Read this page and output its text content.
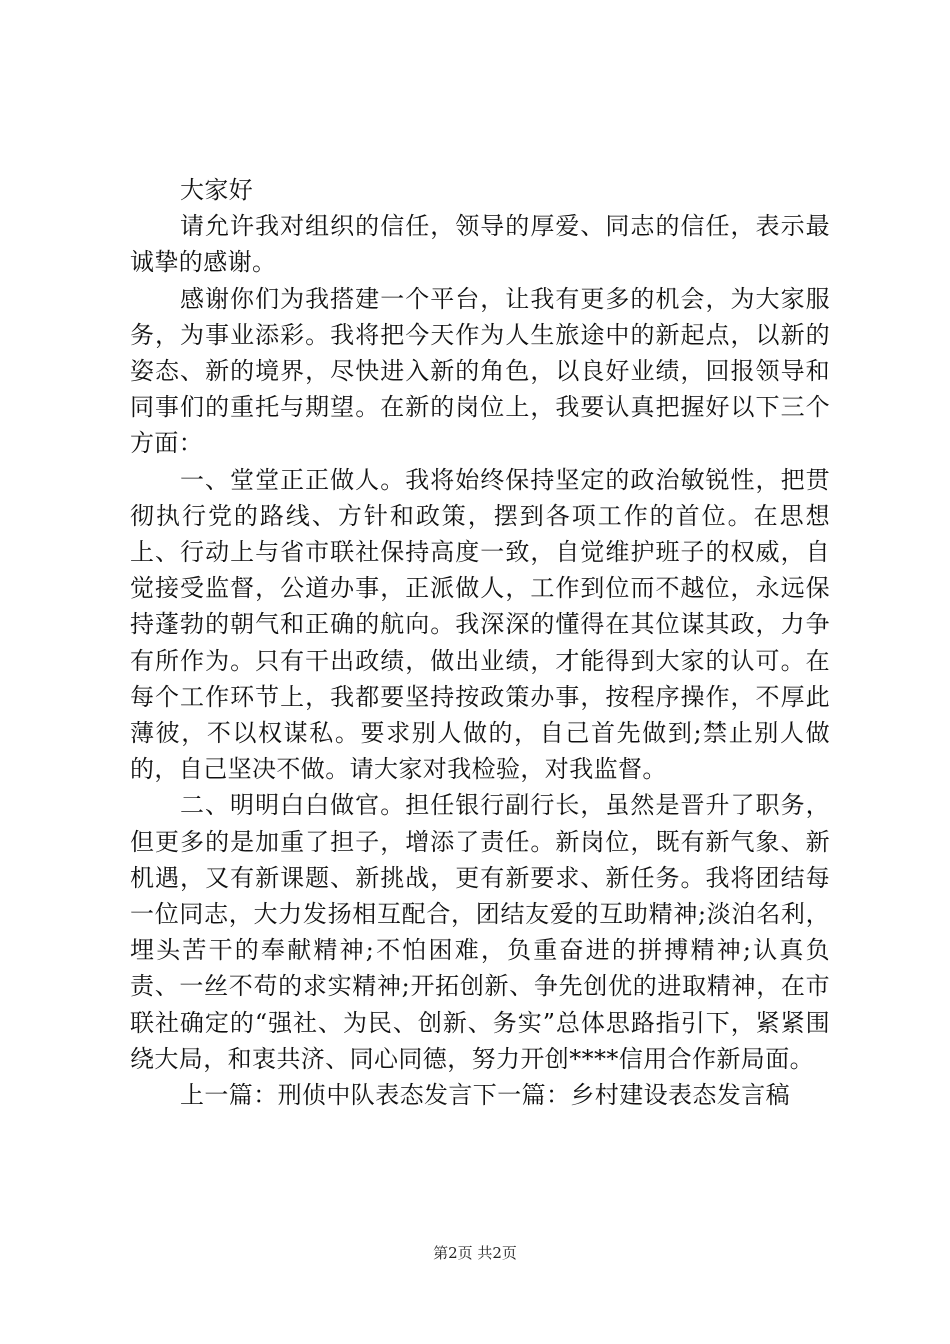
大家好

请允许我对组织的信任，领导的厚爱、同志的信任，表示最诚挚的感谢。

感谢你们为我搭建一个平台，让我有更多的机会，为大家服务，为事业添彩。我将把今天作为人生旅途中的新起点，以新的姿态、新的境界，尽快进入新的角色，以良好业绩，回报领导和同事们的重托与期望。在新的岗位上，我要认真把握好以下三个方面：

一、堂堂正正做人。我将始终保持坚定的政治敏锐性，把贯彻执行党的路线、方针和政策，摆到各项工作的首位。在思想上、行动上与省市联社保持高度一致，自觉维护班子的权威，自觉接受监督，公道办事，正派做人，工作到位而不越位，永远保持蓬勃的朝气和正确的航向。我深深的懂得在其位谋其政，力争有所作为。只有干出政绩，做出业绩，才能得到大家的认可。在每个工作环节上，我都要坚持按政策办事，按程序操作，不厚此薄彼，不以权谋私。要求别人做的，自己首先做到;禁止别人做的，自己坚决不做。请大家对我检验，对我监督。

二、明明白白做官。担任银行副行长，虽然是晋升了职务，但更多的是加重了担子，增添了责任。新岗位，既有新气象、新机遇，又有新课题、新挑战，更有新要求、新任务。我将团结每一位同志，大力发扬相互配合，团结友爱的互助精神;淡泊名利，埋头苦干的奉献精神;不怕困难，负重奋进的拼搏精神;认真负责、一丝不苟的求实精神;开拓创新、争先创优的进取精神，在市联社确定的“强社、为民、创新、务实”总体思路指引下，紧紧围绕大局，和衷共济、同心同德，努力开创****信用合作新局面。

上一篇：刑侦中队表态发言下一篇：乡村建设表态发言稿

第2页 共2页
